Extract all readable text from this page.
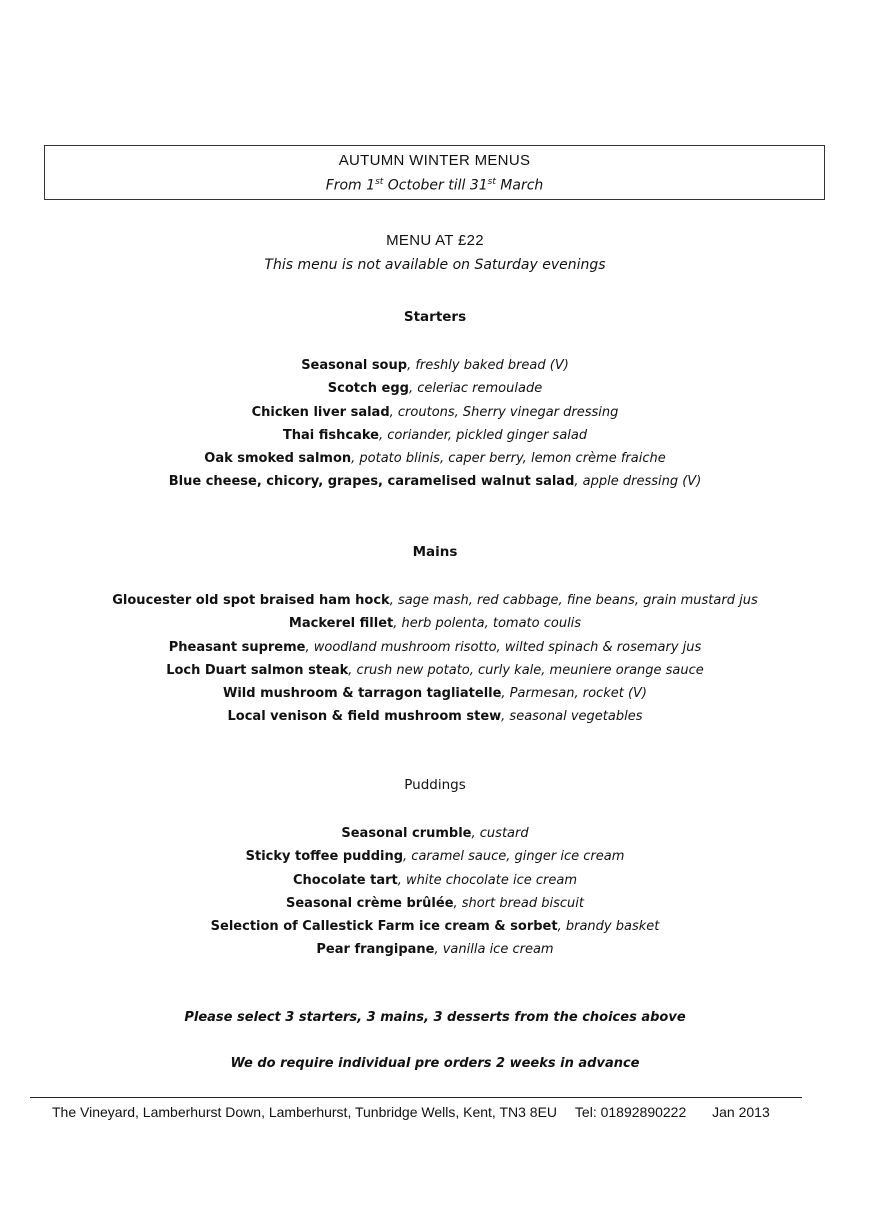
AUTUMN WINTER MENUS
From 1st October till 31st March
MENU AT £22
This menu is not available on Saturday evenings
Starters
Seasonal soup, freshly baked bread (V)
Scotch egg, celeriac remoulade
Chicken liver salad, croutons, Sherry vinegar dressing
Thai fishcake, coriander, pickled ginger salad
Oak smoked salmon, potato blinis, caper berry, lemon crème fraiche
Blue cheese, chicory, grapes, caramelised walnut salad, apple dressing (V)
Mains
Gloucester old spot braised ham hock, sage mash, red cabbage, fine beans, grain mustard jus
Mackerel fillet, herb polenta, tomato coulis
Pheasant supreme, woodland mushroom risotto, wilted spinach & rosemary jus
Loch Duart salmon steak, crush new potato, curly kale, meuniere orange sauce
Wild mushroom & tarragon tagliatelle, Parmesan, rocket (V)
Local venison & field mushroom stew, seasonal vegetables
Puddings
Seasonal crumble, custard
Sticky toffee pudding, caramel sauce, ginger ice cream
Chocolate tart, white chocolate ice cream
Seasonal crème brûlée, short bread biscuit
Selection of Callestick Farm ice cream & sorbet, brandy basket
Pear frangipane, vanilla ice cream
Please select 3 starters, 3 mains, 3 desserts from the choices above
We do require individual pre orders 2 weeks in advance
The Vineyard, Lamberhurst Down, Lamberhurst, Tunbridge Wells, Kent, TN3 8EU Tel: 01892890222 Jan 2013
